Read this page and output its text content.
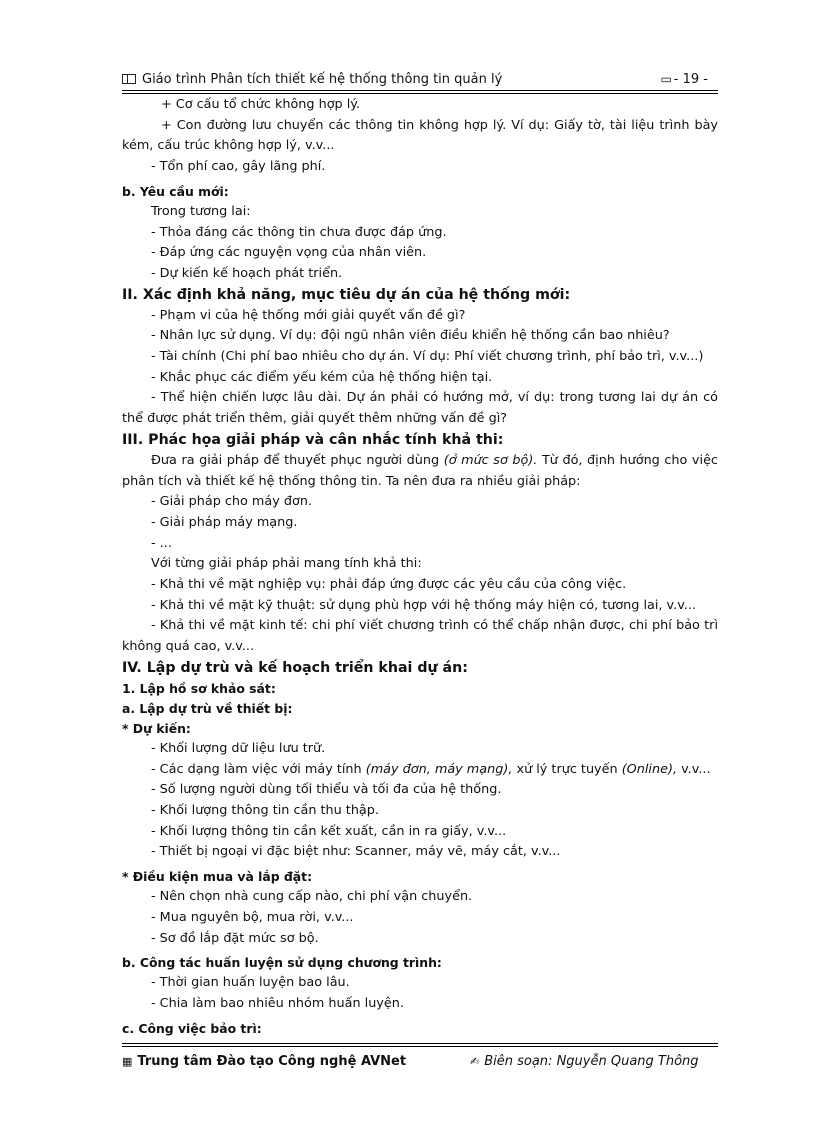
Giáo trình Phân tích thiết kế hệ thống thông tin quản lý	▭ - 19 -

+ Cơ cấu tổ chức không hợp lý.

+ Con đường lưu chuyển các thông tin không hợp lý. Ví dụ: Giấy tờ, tài liệu trình bày kém, cấu trúc không hợp lý, v.v...

- Tổn phí cao, gây lãng phí.

b. Yêu cầu mới:

Trong tương lai:

- Thỏa đáng các thông tin chưa được đáp ứng.

- Đáp ứng các nguyện vọng của nhân viên.

- Dự kiến kế hoạch phát triển.

II. Xác định khả năng, mục tiêu dự án của hệ thống mới:

- Phạm vi của hệ thống mới giải quyết vấn đề gì?

- Nhân lực sử dụng. Ví dụ: đội ngũ nhân viên điều khiển hệ thống cần bao nhiêu?

- Tài chính (Chi phí bao nhiêu cho dự án. Ví dụ: Phí viết chương trình, phí bảo trì, v.v...)

- Khắc phục các điểm yếu kém của hệ thống hiện tại.

- Thể hiện chiến lược lâu dài. Dự án phải có hướng mở, ví dụ: trong tương lai dự án có thể được phát triển thêm, giải quyết thêm những vấn đề gì?

III. Phác họa giải pháp và cân nhắc tính khả thi:

Đưa ra giải pháp để thuyết phục người dùng (ở mức sơ bộ). Từ đó, định hướng cho việc phân tích và thiết kế hệ thống thông tin. Ta nên đưa ra nhiều giải pháp:

- Giải pháp cho máy đơn.

- Giải pháp máy mạng.

- ...

Với từng giải pháp phải mang tính khả thi:

- Khả thi về mặt nghiệp vụ: phải đáp ứng được các yêu cầu của công việc.

- Khả thi về mặt kỹ thuật: sử dụng phù hợp với hệ thống máy hiện có, tương lai, v.v...

- Khả thi về mặt kinh tế: chi phí viết chương trình có thể chấp nhận được, chi phí bảo trì không quá cao, v.v...

IV. Lập dự trù và kế hoạch triển khai dự án:

1. Lập hồ sơ khảo sát:

a. Lập dự trù về thiết bị:

* Dự kiến:

- Khối lượng dữ liệu lưu trữ.

- Các dạng làm việc với máy tính (máy đơn, máy mạng), xử lý trực tuyến (Online), v.v...

- Số lượng người dùng tối thiểu và tối đa của hệ thống.

- Khối lượng thông tin cần thu thập.

- Khối lượng thông tin cần kết xuất, cần in ra giấy, v.v...

- Thiết bị ngoại vi đặc biệt như: Scanner, máy vẽ, máy cắt, v.v...

* Điều kiện mua và lắp đặt:

- Nên chọn nhà cung cấp nào, chi phí vận chuyển.

- Mua nguyên bộ, mua rời, v.v...

- Sơ đồ lắp đặt mức sơ bộ.

b. Công tác huấn luyện sử dụng chương trình:

- Thời gian huấn luyện bao lâu.

- Chia làm bao nhiêu nhóm huấn luyện.

c. Công việc bảo trì:

▦ Trung tâm Đào tạo Công nghệ AVNet	✍ Biên soạn: Nguyễn Quang Thông
